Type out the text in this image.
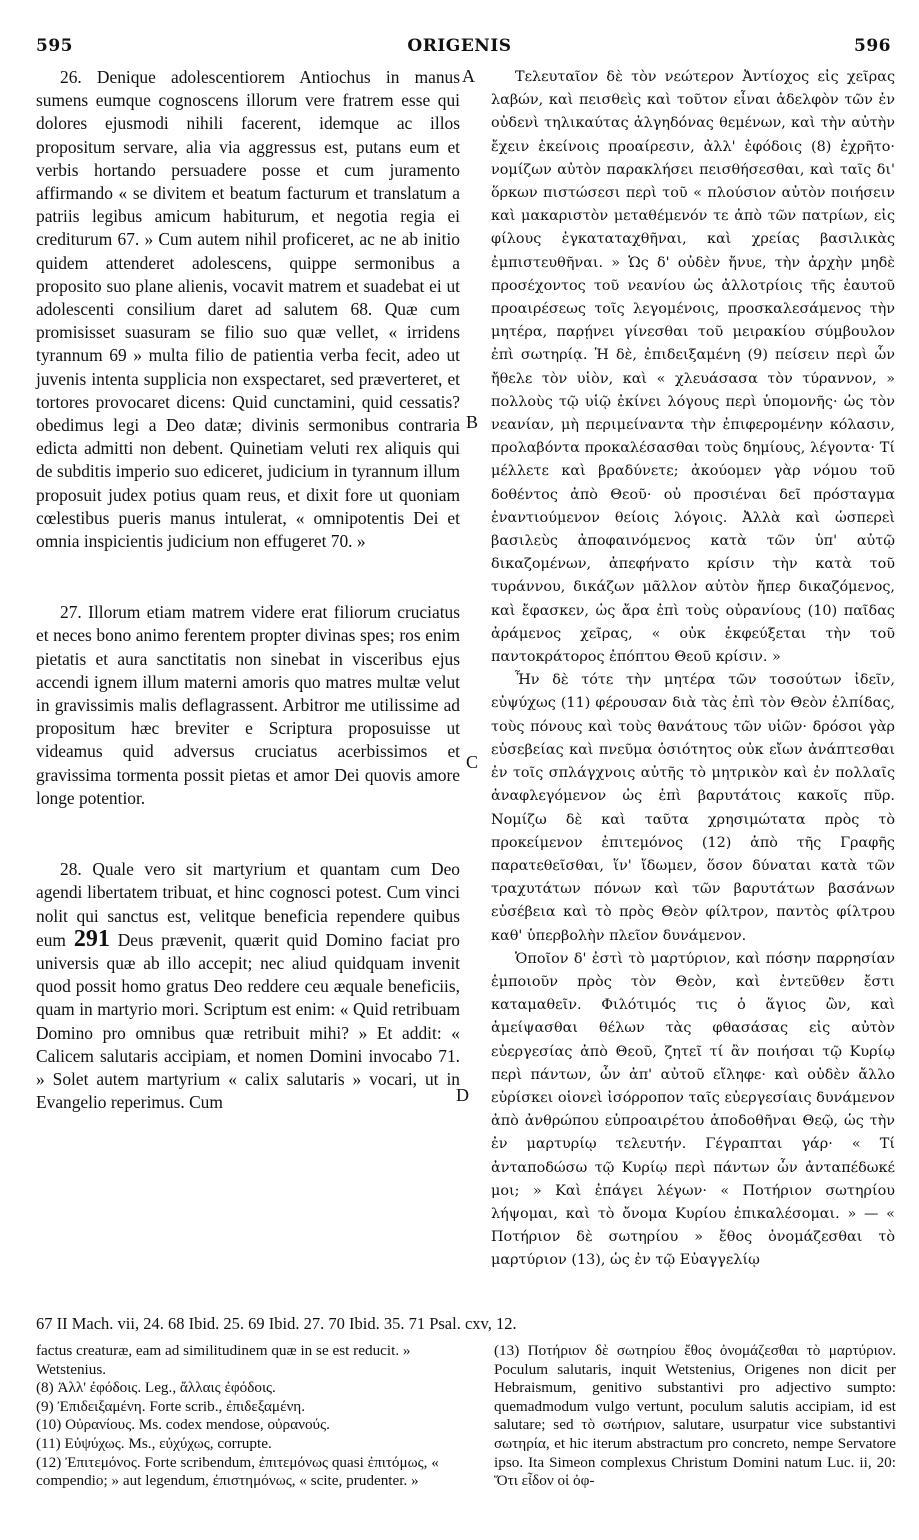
595	ORIGENIS	596
A
B
C
D

26. Denique adolescentiorem Antiochus in manus sumens eumque cognoscens illorum vere fratrem esse qui dolores ejusmodi nihili facerent, idemque ac illos propositum servare, alia via aggressus est, putans eum et verbis hortando persuadere posse et cum juramento affirmando « se divitem et beatum facturum et translatum a patriis legibus amicum habiturum, et negotia regia ei crediturum 67. » Cum autem nihil proficeret, ac ne ab initio quidem attenderet adolescens, quippe sermonibus a proposito suo plane alienis, vocavit matrem et suadebat ei ut adolescenti consilium daret ad salutem 68. Quæ cum promisisset suasuram se filio suo quæ vellet, « irridens tyrannum 69 » multa filio de patientia verba fecit, adeo ut juvenis intenta supplicia non exspectaret, sed præverteret, et tortores provocaret dicens: Quid cunctamini, quid cessatis? obedimus legi a Deo datæ; divinis sermonibus contraria edicta admitti non debent. Quinetiam veluti rex aliquis qui de subditis imperio suo ediceret, judicium in tyrannum illum proposuit judex potius quam reus, et dixit fore ut quoniam cœlestibus pueris manus intulerat, « omnipotentis Dei et omnia inspicientis judicium non effugeret 70. »

27. Illorum etiam matrem videre erat filiorum cruciatus et neces bono animo ferentem propter divinas spes; ros enim pietatis et aura sanctitatis non sinebat in visceribus ejus accendi ignem illum materni amoris quo matres multæ velut in gravissimis malis deflagrassent. Arbitror me utilissime ad propositum hæc breviter e Scriptura proposuisse ut videamus quid adversus cruciatus acerbissimos et gravissima tormenta possit pietas et amor Dei quovis amore longe potentior.

28. Quale vero sit martyrium et quantam cum Deo agendi libertatem tribuat, et hinc cognosci potest. Cum vinci nolit qui sanctus est, velitque beneficia rependere quibus eum 291 Deus prævenit, quærit quid Domino faciat pro universis quæ ab illo accepit; nec aliud quidquam invenit quod possit homo gratus Deo reddere ceu æquale beneficiis, quam in martyrio mori. Scriptum est enim: « Quid retribuam Domino pro omnibus quæ retribuit mihi? » Et addit: « Calicem salutaris accipiam, et nomen Domini invocabo 71. » Solet autem martyrium « calix salutaris » vocari, ut in Evangelio reperimus. Cum

Τελευταῖον δὲ τὸν νεώτερον Ἀντίοχος εἰς χεῖρας λαβών, καὶ πεισθεὶς καὶ τοῦτον εἶναι ἀδελφὸν τῶν ἐν οὐδενὶ τηλικαύτας ἀλγηδόνας θεμένων, καὶ τὴν αὐτὴν ἔχειν ἐκείνοις προαίρεσιν, ἀλλ' ἐφόδοις (8) ἐχρῆτο· νομίζων αὐτὸν παρακλήσει πεισθήσεσθαι, καὶ ταῖς δι' ὅρκων πιστώσεσι περὶ τοῦ « πλούσιον αὐτὸν ποιήσειν καὶ μακαριστὸν μεταθέμενόν τε ἀπὸ τῶν πατρίων, εἰς φίλους ἐγκαταταχθῆναι, καὶ χρείας βασιλικὰς ἐμπιστευθῆναι. » Ὡς δ' οὐδὲν ἤνυε, τὴν ἀρχὴν μηδὲ προσέχοντος τοῦ νεανίου ὡς ἀλλοτρίοις τῆς ἑαυτοῦ προαιρέσεως τοῖς λεγομένοις, προσκαλεσάμενος τὴν μητέρα, παρῄνει γίνεσθαι τοῦ μειρακίου σύμβουλον ἐπὶ σωτηρίᾳ. Ἡ δὲ, ἐπιδειξαμένη (9) πείσειν περὶ ὧν ἤθελε τὸν υἱὸν, καὶ « χλευάσασα τὸν τύραννον, » πολλοὺς τῷ υἱῷ ἐκίνει λόγους περὶ ὑπομονῆς· ὡς τὸν νεανίαν, μὴ περιμείναντα τὴν ἐπιφερομένην κόλασιν, προλαβόντα προκαλέσασθαι τοὺς δημίους, λέγοντα· Τί μέλλετε καὶ βραδύνετε; ἀκούομεν γὰρ νόμου τοῦ δοθέντος ἀπὸ Θεοῦ· οὐ προσιέναι δεῖ πρόσταγμα ἐναντιούμενον θείοις λόγοις. Ἀλλὰ καὶ ὡσπερεὶ βασιλεὺς ἀποφαινόμενος κατὰ τῶν ὑπ' αὐτῷ δικαζομένων, ἀπεφήνατο κρίσιν τὴν κατὰ τοῦ τυράννου, δικάζων μᾶλλον αὐτὸν ἤπερ δικαζόμενος, καὶ ἔφασκεν, ὡς ἄρα ἐπὶ τοὺς οὐρανίους (10) παῖδας ἀράμενος χεῖρας, « οὐκ ἐκφεύξεται τὴν τοῦ παντοκράτορος ἐπόπτου Θεοῦ κρίσιν. »

Ἦν δὲ τότε τὴν μητέρα τῶν τοσούτων ἰδεῖν, εὐψύχως (11) φέρουσαν διὰ τὰς ἐπὶ τὸν Θεὸν ἐλπίδας, τοὺς πόνους καὶ τοὺς θανάτους τῶν υἱῶν· δρόσοι γὰρ εὐσεβείας καὶ πνεῦμα ὁσιότητος οὐκ εἴων ἀνάπτεσθαι ἐν τοῖς σπλάγχνοις αὐτῆς τὸ μητρικὸν καὶ ἐν πολλαῖς ἀναφλεγόμενον ὡς ἐπὶ βαρυτάτοις κακοῖς πῦρ. Νομίζω δὲ καὶ ταῦτα χρησιμώτατα πρὸς τὸ προκείμενον ἐπιτεμόνος (12) ἀπὸ τῆς Γραφῆς παρατεθεῖσθαι, ἵν' ἴδωμεν, ὅσον δύναται κατὰ τῶν τραχυτάτων πόνων καὶ τῶν βαρυτάτων βασάνων εὐσέβεια καὶ τὸ πρὸς Θεὸν φίλτρον, παντὸς φίλτρου καθ' ὑπερβολὴν πλεῖον δυνάμενον.

Ὁποῖον δ' ἐστὶ τὸ μαρτύριον, καὶ πόσην παρρησίαν ἐμποιοῦν πρὸς τὸν Θεὸν, καὶ ἐντεῦθεν ἔστι καταμαθεῖν. Φιλότιμός τις ὁ ἅγιος ὢν, καὶ ἀμείψασθαι θέλων τὰς φθασάσας εἰς αὐτὸν εὐεργεσίας ἀπὸ Θεοῦ, ζητεῖ τί ἂν ποιήσαι τῷ Κυρίῳ περὶ πάντων, ὧν ἀπ' αὐτοῦ εἴληφε· καὶ οὐδὲν ἄλλο εὑρίσκει οἱονεὶ ἰσόρροπον ταῖς εὐεργεσίαις δυνάμενον ἀπὸ ἀνθρώπου εὐπροαιρέτου ἀποδοθῆναι Θεῷ, ὡς τὴν ἐν μαρτυρίῳ τελευτήν. Γέγραπται γάρ· « Τί ἀνταποδώσω τῷ Κυρίῳ περὶ πάντων ὧν ἀνταπέδωκέ μοι; » Καὶ ἐπάγει λέγων· « Ποτήριον σωτηρίου λήψομαι, καὶ τὸ ὄνομα Κυρίου ἐπικαλέσομαι. » — « Ποτήριον δὲ σωτηρίου » ἔθος ὀνομάζεσθαι τὸ μαρτύριον (13), ὡς ἐν τῷ Εὐαγγελίῳ

67 II Mach. vii, 24. 68 Ibid. 25. 69 Ibid. 27. 70 Ibid. 35. 71 Psal. cxv, 12.

factus creaturæ, eam ad similitudinem quæ in se est reducit. » Wetstenius.

(8) Ἀλλ' ἐφόδοις. Leg., ἄλλαις ἐφόδοις.

(9) Ἐπιδειξαμένη. Forte scrib., ἐπιδεξαμένη.

(10) Οὐρανίους. Ms. codex mendose, οὐρανούς.

(11) Εὐψύχως. Ms., εὐχύχως, corrupte.

(12) Ἐπιτεμόνος. Forte scribendum, ἐπιτεμόνως quasi ἐπιτόμως, « compendio; » aut legendum, ἐπιστημόνως, « scite, prudenter. »

(13) Ποτήριον δὲ σωτηρίου ἔθος ὀνομάζεσθαι τὸ μαρτύριον. Poculum salutaris, inquit Wetstenius, Origenes non dicit per Hebraismum, genitivo substantivi pro adjectivo sumpto: quemadmodum vulgo vertunt, poculum salutis accipiam, id est salutare; sed τὸ σωτήριον, salutare, usurpatur vice substantivi σωτηρία, et hic iterum abstractum pro concreto, nempe Servatore ipso. Ita Simeon complexus Christum Domini natum Luc. ii, 20: Ὅτι εἶδον οἱ ὀφ-
